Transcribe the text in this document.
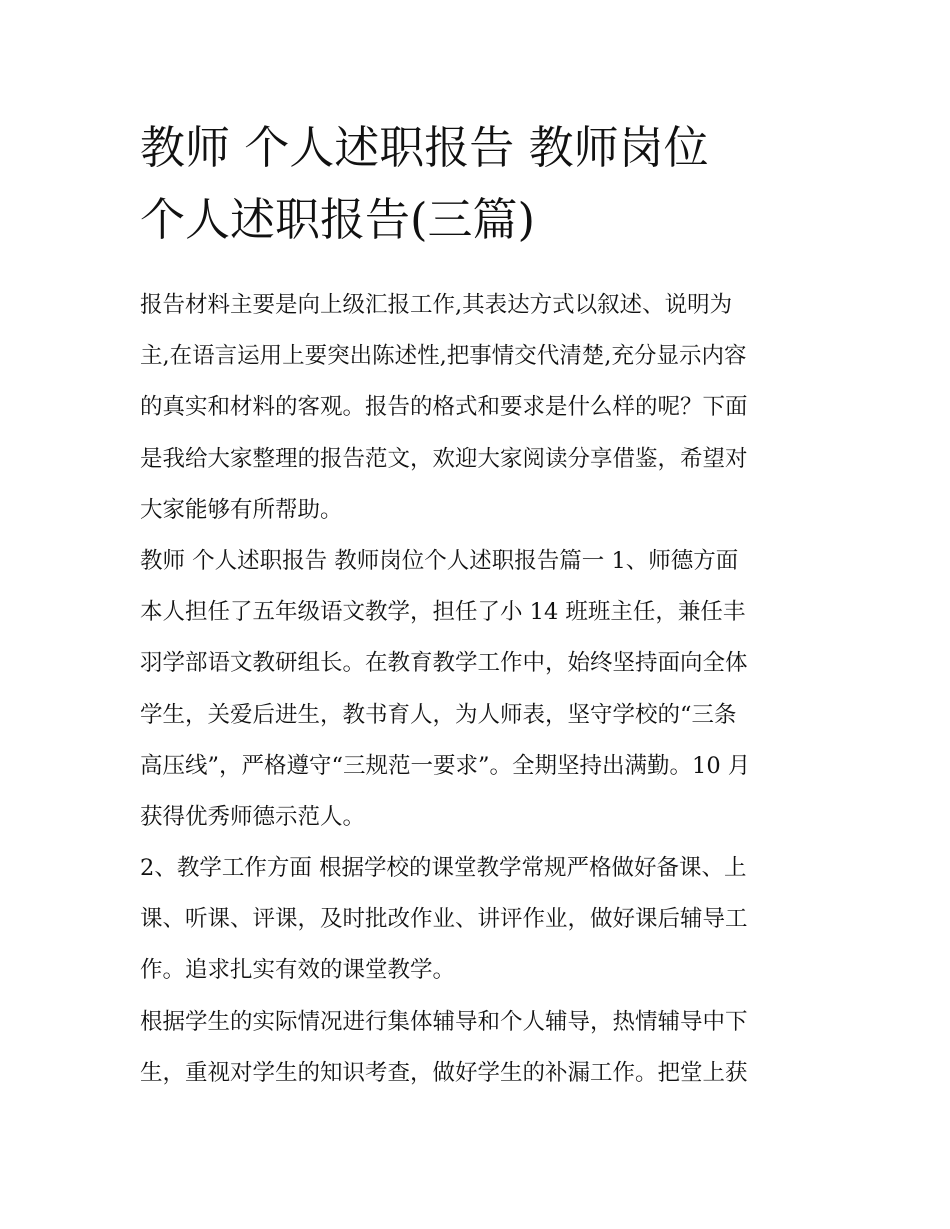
教师 个人述职报告 教师岗位
个人述职报告(三篇)

报告材料主要是向上级汇报工作,其表达方式以叙述、说明为
主,在语言运用上要突出陈述性,把事情交代清楚,充分显示内容
的真实和材料的客观。报告的格式和要求是什么样的呢？下面
是我给大家整理的报告范文，欢迎大家阅读分享借鉴，希望对
大家能够有所帮助。

教师 个人述职报告 教师岗位个人述职报告篇一 1、师德方面
本人担任了五年级语文教学，担任了小 14 班班主任，兼任丰
羽学部语文教研组长。在教育教学工作中，始终坚持面向全体
学生，关爱后进生，教书育人，为人师表，坚守学校的“三条
高压线”，严格遵守“三规范一要求”。全期坚持出满勤。10 月
获得优秀师德示范人。

2、教学工作方面 根据学校的课堂教学常规严格做好备课、上
课、听课、评课，及时批改作业、讲评作业，做好课后辅导工
作。追求扎实有效的课堂教学。

根据学生的实际情况进行集体辅导和个人辅导，热情辅导中下
生，重视对学生的知识考查，做好学生的补漏工作。把堂上获
